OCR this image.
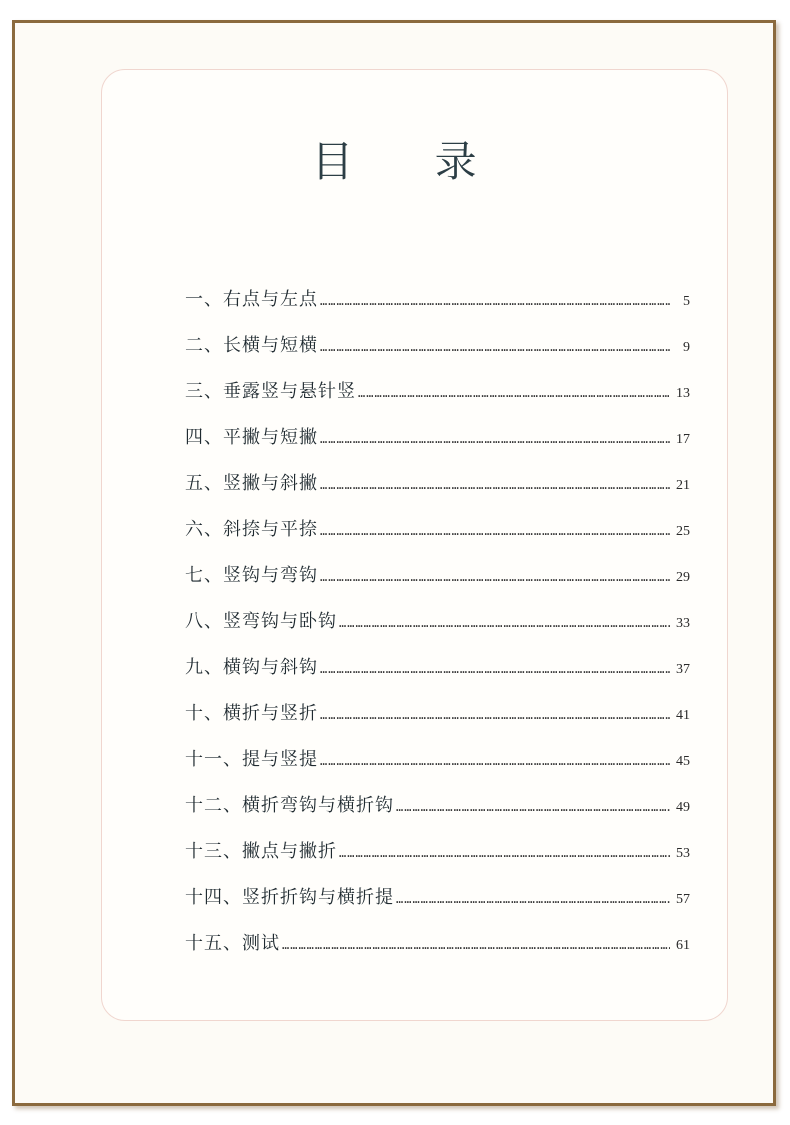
目 录
一、右点与左点 …………………………………………………………………………………………………………………………………………………………	5
二、长横与短横 …………………………………………………………………………………………………………………………………………………………	9
三、垂露竖与悬针竖 …………………………………………………………………………………………………………………………………………………………	13
四、平撇与短撇 …………………………………………………………………………………………………………………………………………………………	17
五、竖撇与斜撇 …………………………………………………………………………………………………………………………………………………………	21
六、斜捺与平捺 …………………………………………………………………………………………………………………………………………………………	25
七、竖钩与弯钩 …………………………………………………………………………………………………………………………………………………………	29
八、竖弯钩与卧钩 …………………………………………………………………………………………………………………………………………………………	33
九、横钩与斜钩 …………………………………………………………………………………………………………………………………………………………	37
十、横折与竖折 …………………………………………………………………………………………………………………………………………………………	41
十一、提与竖提 …………………………………………………………………………………………………………………………………………………………	45
十二、横折弯钩与横折钩 …………………………………………………………………………………………………………………………………………………………	49
十三、撇点与撇折 …………………………………………………………………………………………………………………………………………………………	53
十四、竖折折钩与横折提 …………………………………………………………………………………………………………………………………………………………	57
十五、测试 …………………………………………………………………………………………………………………………………………………………	61
